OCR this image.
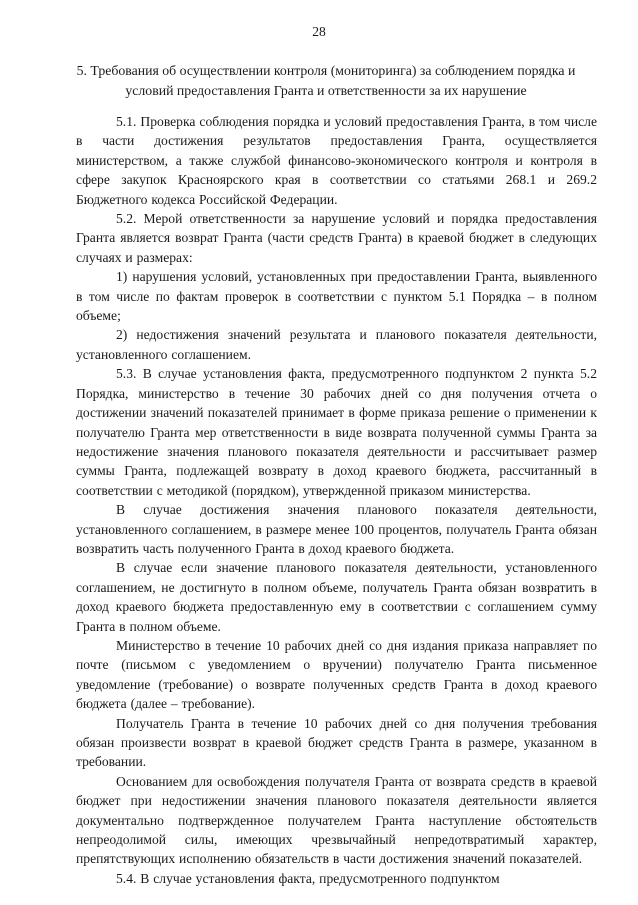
28
5. Требования об осуществлении контроля (мониторинга) за соблюдением порядка и условий предоставления Гранта и ответственности за их нарушение

5.1. Проверка соблюдения порядка и условий предоставления Гранта, в том числе в части достижения результатов предоставления Гранта, осуществляется министерством, а также службой финансово-экономического контроля и контроля в сфере закупок Красноярского края в соответствии со статьями 268.1 и 269.2 Бюджетного кодекса Российской Федерации.

5.2. Мерой ответственности за нарушение условий и порядка предоставления Гранта является возврат Гранта (части средств Гранта) в краевой бюджет в следующих случаях и размерах:

1) нарушения условий, установленных при предоставлении Гранта, выявленного в том числе по фактам проверок в соответствии с пунктом 5.1 Порядка – в полном объеме;

2) недостижения значений результата и планового показателя деятельности, установленного соглашением.

5.3. В случае установления факта, предусмотренного подпунктом 2 пункта 5.2 Порядка, министерство в течение 30 рабочих дней со дня получения отчета о достижении значений показателей принимает в форме приказа решение о применении к получателю Гранта мер ответственности в виде возврата полученной суммы Гранта за недостижение значения планового показателя деятельности и рассчитывает размер суммы Гранта, подлежащей возврату в доход краевого бюджета, рассчитанный в соответствии с методикой (порядком), утвержденной приказом министерства.

В случае достижения значения планового показателя деятельности, установленного соглашением, в размере менее 100 процентов, получатель Гранта обязан возвратить часть полученного Гранта в доход краевого бюджета.

В случае если значение планового показателя деятельности, установленного соглашением, не достигнуто в полном объеме, получатель Гранта обязан возвратить в доход краевого бюджета предоставленную ему в соответствии с соглашением сумму Гранта в полном объеме.

Министерство в течение 10 рабочих дней со дня издания приказа направляет по почте (письмом с уведомлением о вручении) получателю Гранта письменное уведомление (требование) о возврате полученных средств Гранта в доход краевого бюджета (далее – требование).

Получатель Гранта в течение 10 рабочих дней со дня получения требования обязан произвести возврат в краевой бюджет средств Гранта в размере, указанном в требовании.

Основанием для освобождения получателя Гранта от возврата средств в краевой бюджет при недостижении значения планового показателя деятельности является документально подтвержденное получателем Гранта наступление обстоятельств непреодолимой силы, имеющих чрезвычайный непредотвратимый характер, препятствующих исполнению обязательств в части достижения значений показателей.

5.4. В случае установления факта, предусмотренного подпунктом
